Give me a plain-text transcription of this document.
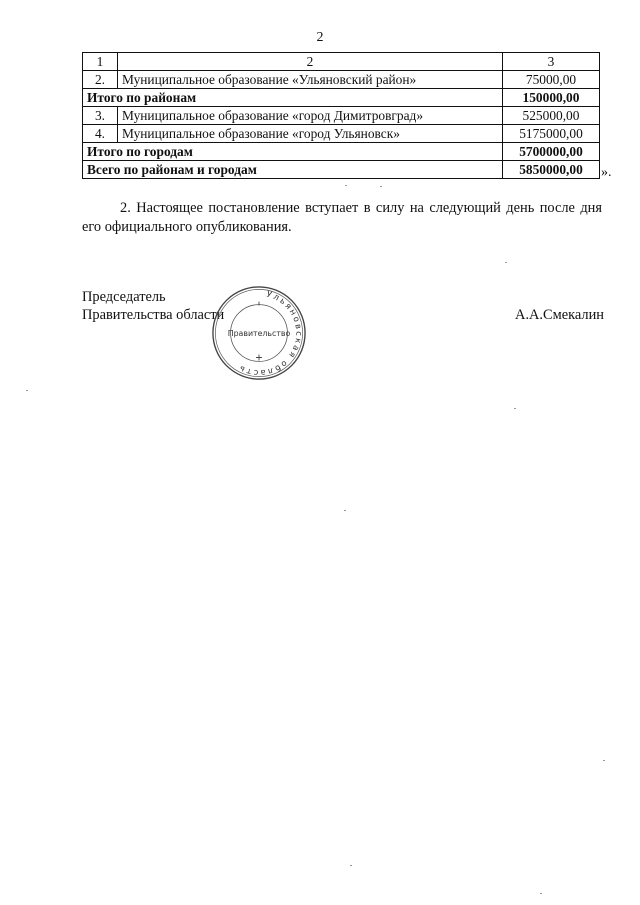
2
1	2	3
2.	Муниципальное образование «Ульяновский район»	75000,00
Итого по районам		150000,00
3.	Муниципальное образование «город Димитровград»	525000,00
4.	Муниципальное образование «город Ульяновск»	5175000,00
Итого по городам		5700000,00
Всего по районам и городам		5850000,00 ».

2. Настоящее постановление вступает в силу на следующий день после дня его официального опубликования.

Председатель
Правительства области	А.А.Смекалин
Ульяновская область
Правительство
